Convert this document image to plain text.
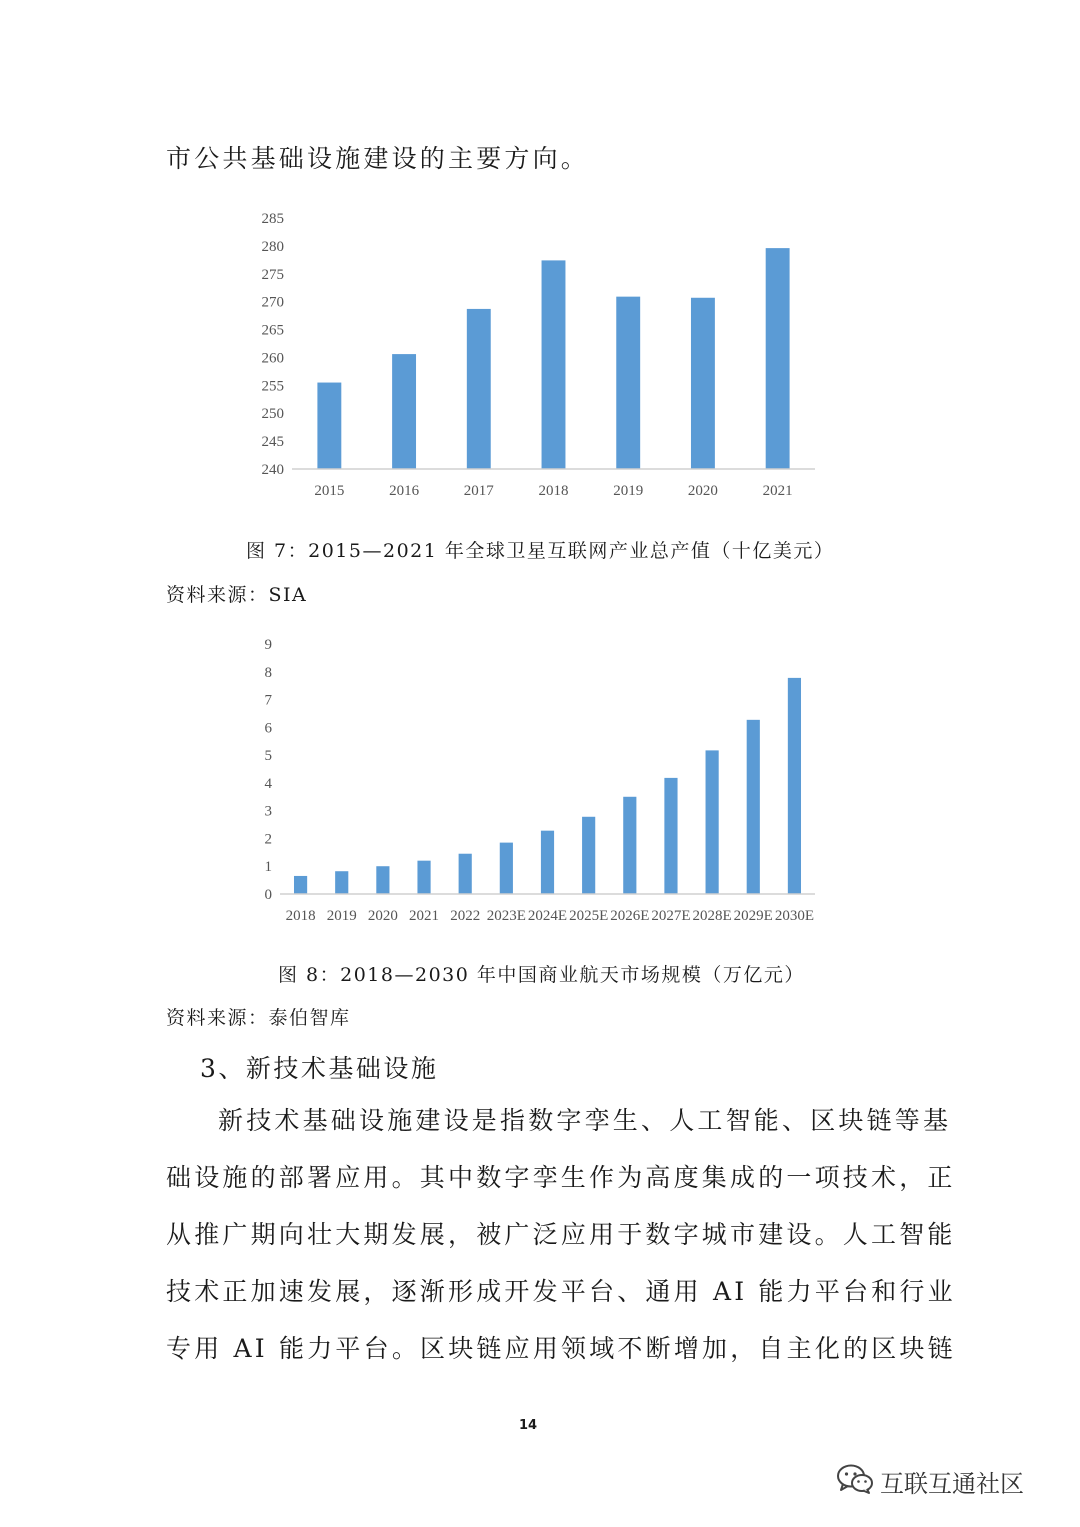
市公共基础设施建设的主要方向。
240
245
250
255
260
265
270
275
280
285
2015	2016	2017	2018	2019	2020	2021
图 7：2015—2021 年全球卫星互联网产业总产值（十亿美元）
资料来源：SIA
0
1
2
3
4
5
6
7
8
9
2018 2019 2020 2021 2022 2023E 2024E 2025E 2026E 2027E 2028E 2029E 2030E
图 8：2018—2030 年中国商业航天市场规模（万亿元）
资料来源：泰伯智库
3、新技术基础设施
新技术基础设施建设是指数字孪生、人工智能、区块链等基
础设施的部署应用。其中数字孪生作为高度集成的一项技术，正
从推广期向壮大期发展，被广泛应用于数字城市建设。人工智能
技术正加速发展，逐渐形成开发平台、通用 AI 能力平台和行业
专用 AI 能力平台。区块链应用领域不断增加，自主化的区块链
14
互联互通社区
